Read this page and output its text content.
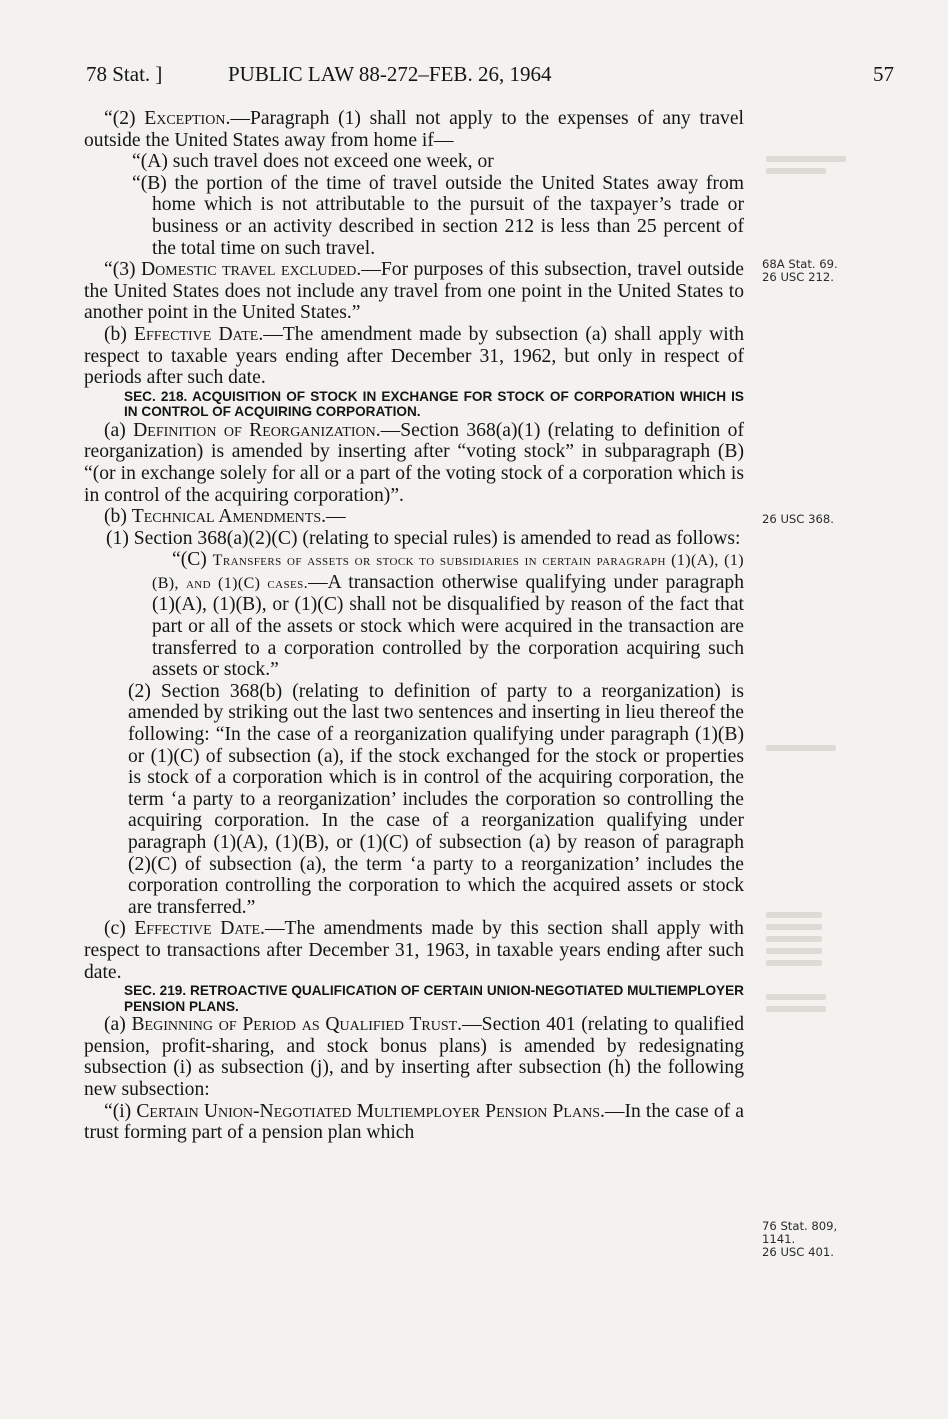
78 Stat. ]	PUBLIC LAW 88-272–FEB. 26, 1964	57

“(2) Exception.—Paragraph (1) shall not apply to the expenses of any travel outside the United States away from home if—

“(A) such travel does not exceed one week, or

“(B) the portion of the time of travel outside the United States away from home which is not attributable to the pursuit of the taxpayer’s trade or business or an activity described in section 212 is less than 25 percent of the total time on such travel.

“(3) Domestic travel excluded.—For purposes of this subsection, travel outside the United States does not include any travel from one point in the United States to another point in the United States.”

(b) Effective Date.—The amendment made by subsection (a) shall apply with respect to taxable years ending after December 31, 1962, but only in respect of periods after such date.

SEC. 218. ACQUISITION OF STOCK IN EXCHANGE FOR STOCK OF CORPORATION WHICH IS IN CONTROL OF ACQUIRING CORPORATION.

(a) Definition of Reorganization.—Section 368(a)(1) (relating to definition of reorganization) is amended by inserting after “voting stock” in subparagraph (B) “(or in exchange solely for all or a part of the voting stock of a corporation which is in control of the acquiring corporation)”.

(b) Technical Amendments.—

(1) Section 368(a)(2)(C) (relating to special rules) is amended to read as follows:

“(C) Transfers of assets or stock to subsidiaries in certain paragraph (1)(A), (1)(B), and (1)(C) cases.—A transaction otherwise qualifying under paragraph (1)(A), (1)(B), or (1)(C) shall not be disqualified by reason of the fact that part or all of the assets or stock which were acquired in the transaction are transferred to a corporation controlled by the corporation acquiring such assets or stock.”

(2) Section 368(b) (relating to definition of party to a reorganization) is amended by striking out the last two sentences and inserting in lieu thereof the following: “In the case of a reorganization qualifying under paragraph (1)(B) or (1)(C) of subsection (a), if the stock exchanged for the stock or properties is stock of a corporation which is in control of the acquiring corporation, the term ‘a party to a reorganization’ includes the corporation so controlling the acquiring corporation. In the case of a reorganization qualifying under paragraph (1)(A), (1)(B), or (1)(C) of subsection (a) by reason of paragraph (2)(C) of subsection (a), the term ‘a party to a reorganization’ includes the corporation controlling the corporation to which the acquired assets or stock are transferred.”

(c) Effective Date.—The amendments made by this section shall apply with respect to transactions after December 31, 1963, in taxable years ending after such date.

SEC. 219. RETROACTIVE QUALIFICATION OF CERTAIN UNION-NEGOTIATED MULTIEMPLOYER PENSION PLANS.

(a) Beginning of Period as Qualified Trust.—Section 401 (relating to qualified pension, profit-sharing, and stock bonus plans) is amended by redesignating subsection (i) as subsection (j), and by inserting after subsection (h) the following new subsection:

“(i) Certain Union-Negotiated Multiemployer Pension Plans.—In the case of a trust forming part of a pension plan which

68A Stat. 69.
26 USC 212.
26 USC 368.
76 Stat. 809,
1141.
26 USC 401.
